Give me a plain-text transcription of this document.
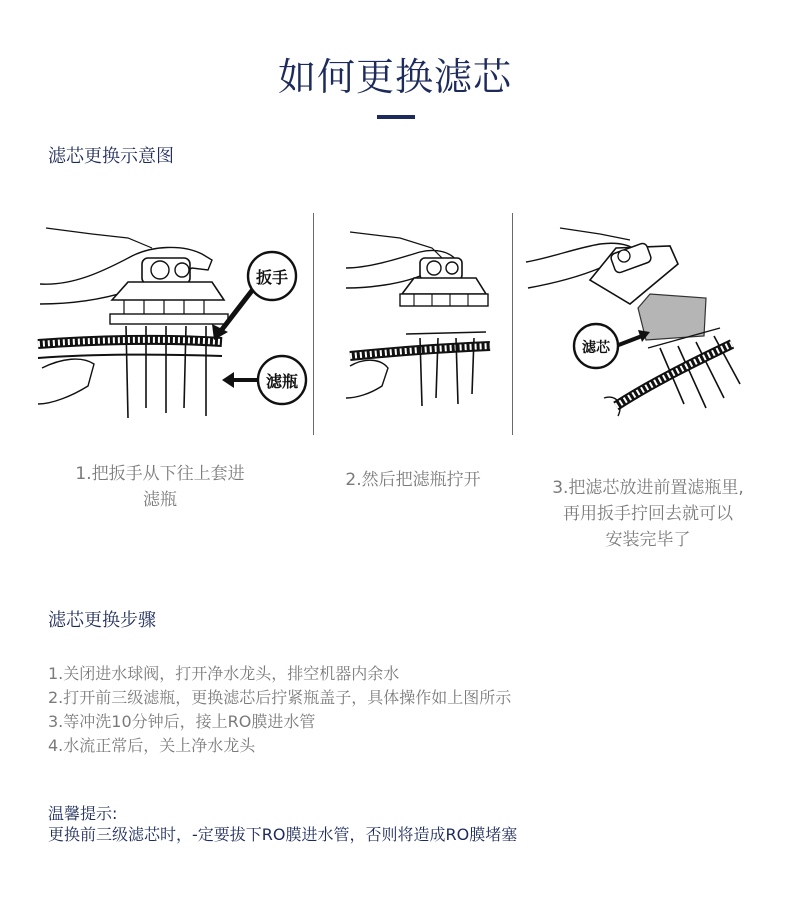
如何更换滤芯
滤芯更换示意图
扳手
滤瓶
滤芯
1.把扳手从下往上套进
滤瓶
2.然后把滤瓶拧开	3.把滤芯放进前置滤瓶里,
再用扳手拧回去就可以
安装完毕了
滤芯更换步骤
1.关闭进水球阀，打开净水龙头，排空机器内余水
2.打开前三级滤瓶，更换滤芯后拧紧瓶盖子，具体操作如上图所示
3.等冲洗10分钟后，接上RO膜进水管
4.水流正常后，关上净水龙头
温馨提示:
更换前三级滤芯时，-定要拔下RO膜进水管，否则将造成RO膜堵塞
